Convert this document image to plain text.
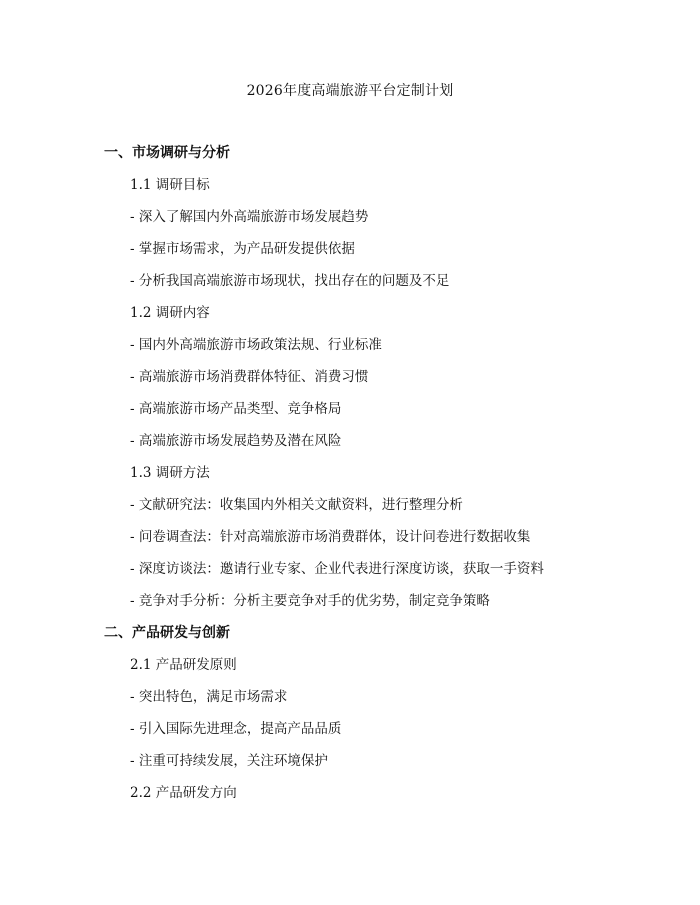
2026年度高端旅游平台定制计划
一、市场调研与分析
1.1 调研目标
- 深入了解国内外高端旅游市场发展趋势
- 掌握市场需求，为产品研发提供依据
- 分析我国高端旅游市场现状，找出存在的问题及不足
1.2 调研内容
- 国内外高端旅游市场政策法规、行业标准
- 高端旅游市场消费群体特征、消费习惯
- 高端旅游市场产品类型、竞争格局
- 高端旅游市场发展趋势及潜在风险
1.3 调研方法
- 文献研究法：收集国内外相关文献资料，进行整理分析
- 问卷调查法：针对高端旅游市场消费群体，设计问卷进行数据收集
- 深度访谈法：邀请行业专家、企业代表进行深度访谈，获取一手资料
- 竞争对手分析：分析主要竞争对手的优劣势，制定竞争策略
二、产品研发与创新
2.1 产品研发原则
- 突出特色，满足市场需求
- 引入国际先进理念，提高产品品质
- 注重可持续发展，关注环境保护
2.2 产品研发方向
